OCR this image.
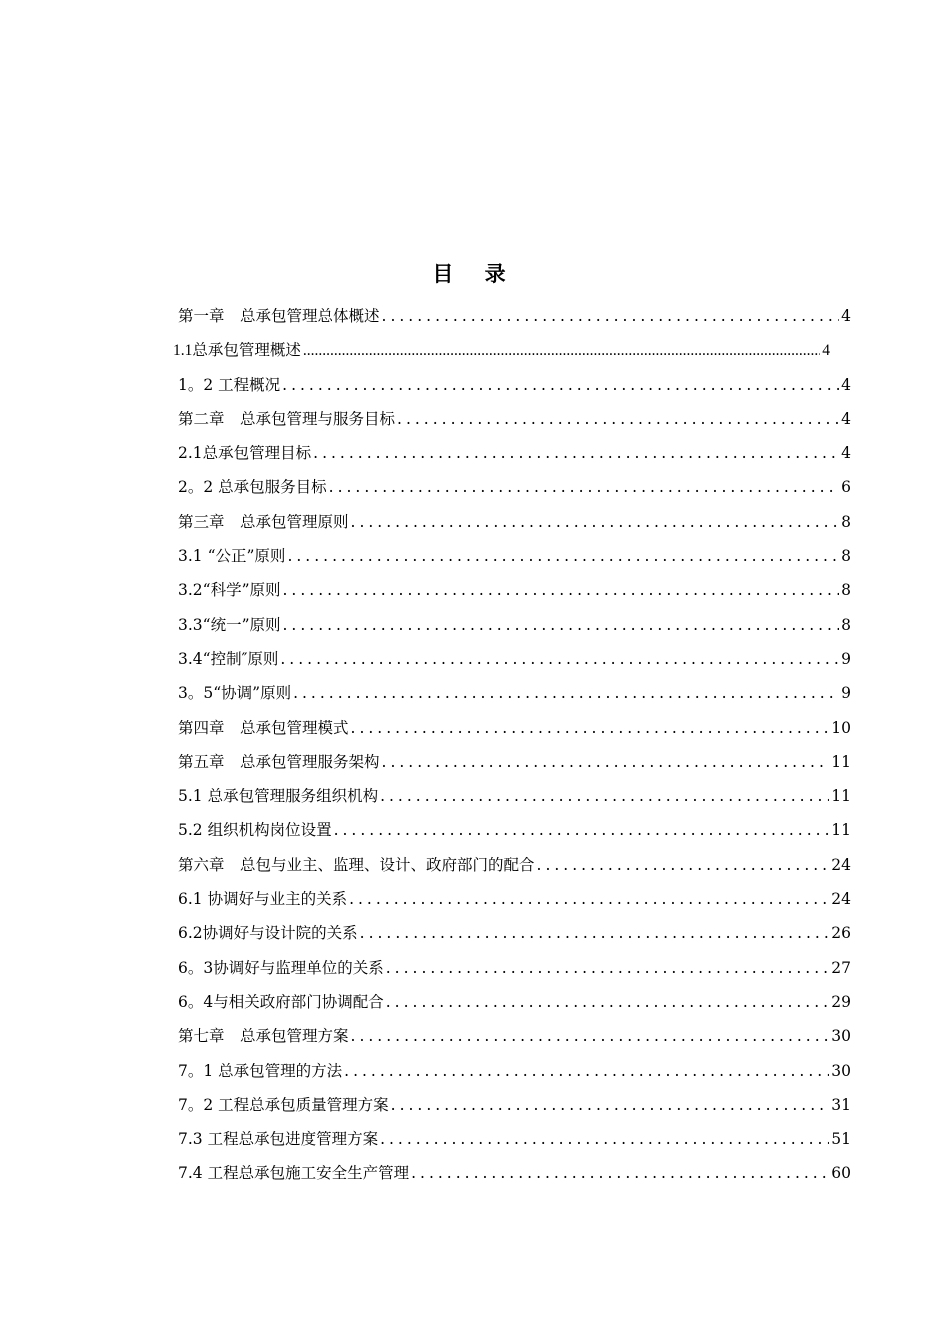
目 录
第一章　总承包管理总体概述 .....	4
1.1总承包管理概述 .....	4
1。2 工程概况 .....	4
第二章　总承包管理与服务目标 .....	4
2.1总承包管理目标 .....	4
2。2 总承包服务目标 .....	6
第三章　总承包管理原则 .....	8
3.1 “公正”原则 .....	8
3.2“科学”原则 .....	8
3.3“统一”原则 .....	8
3.4“控制″原则 .....	9
3。5“协调”原则 .....	9
第四章　总承包管理模式 .....	10
第五章　总承包管理服务架构 .....	11
5.1 总承包管理服务组织机构 .....	11
5.2 组织机构岗位设置 .....	11
第六章　总包与业主、监理、设计、政府部门的配合 .....	24
6.1 协调好与业主的关系 .....	24
6.2协调好与设计院的关系 .....	26
6。3协调好与监理单位的关系 .....	27
6。4与相关政府部门协调配合 .....	29
第七章　总承包管理方案 .....	30
7。1 总承包管理的方法 .....	30
7。2 工程总承包质量管理方案 .....	31
7.3 工程总承包进度管理方案 .....	51
7.4 工程总承包施工安全生产管理 .....	60
